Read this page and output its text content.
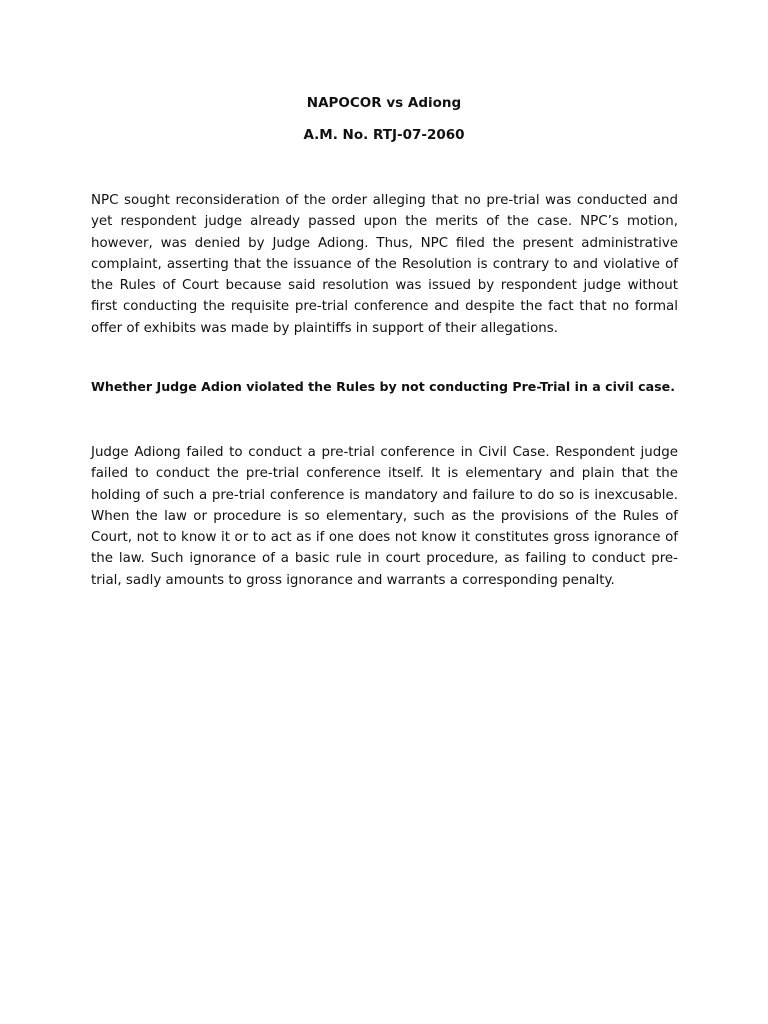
NAPOCOR vs Adiong
A.M. No. RTJ-07-2060
NPC sought reconsideration of the order alleging that no pre-trial was conducted and yet respondent judge already passed upon the merits of the case. NPC’s motion, however, was denied by Judge Adiong. Thus, NPC filed the present administrative complaint, asserting that the issuance of the Resolution is contrary to and violative of the Rules of Court because said resolution was issued by respondent judge without first conducting the requisite pre-trial conference and despite the fact that no formal offer of exhibits was made by plaintiffs in support of their allegations.
Whether Judge Adion violated the Rules by not conducting Pre-Trial in a civil case.
Judge Adiong failed to conduct a pre-trial conference in Civil Case. Respondent judge failed to conduct the pre-trial conference itself. It is elementary and plain that the holding of such a pre-trial conference is mandatory and failure to do so is inexcusable. When the law or procedure is so elementary, such as the provisions of the Rules of Court, not to know it or to act as if one does not know it constitutes gross ignorance of the law. Such ignorance of a basic rule in court procedure, as failing to conduct pre-trial, sadly amounts to gross ignorance and warrants a corresponding penalty.
